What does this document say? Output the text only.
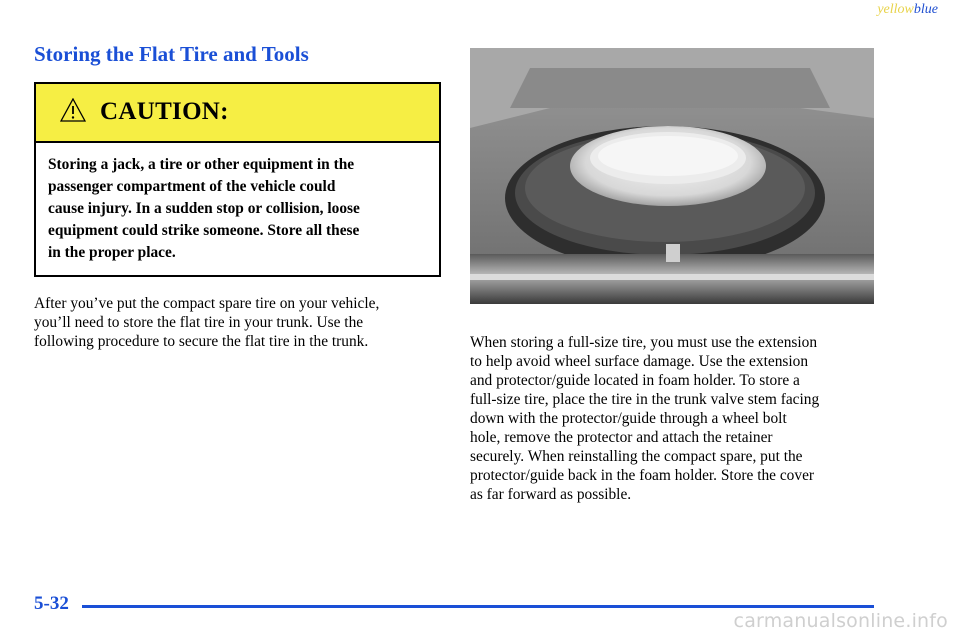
yellowblue
Storing the Flat Tire and Tools
CAUTION:
Storing a jack, a tire or other equipment in the
passenger compartment of the vehicle could
cause injury. In a sudden stop or collision, loose
equipment could strike someone. Store all these
in the proper place.
After you’ve put the compact spare tire on your vehicle,
you’ll need to store the flat tire in your trunk. Use the
following procedure to secure the flat tire in the trunk.	When storing a full-size tire, you must use the extension
to help avoid wheel surface damage. Use the extension
and protector/guide located in foam holder. To store a
full-size tire, place the tire in the trunk valve stem facing
down with the protector/guide through a wheel bolt
hole, remove the protector and attach the retainer
securely. When reinstalling the compact spare, put the
protector/guide back in the foam holder. Store the cover
as far forward as possible.
5-32
carmanualsonline.info
